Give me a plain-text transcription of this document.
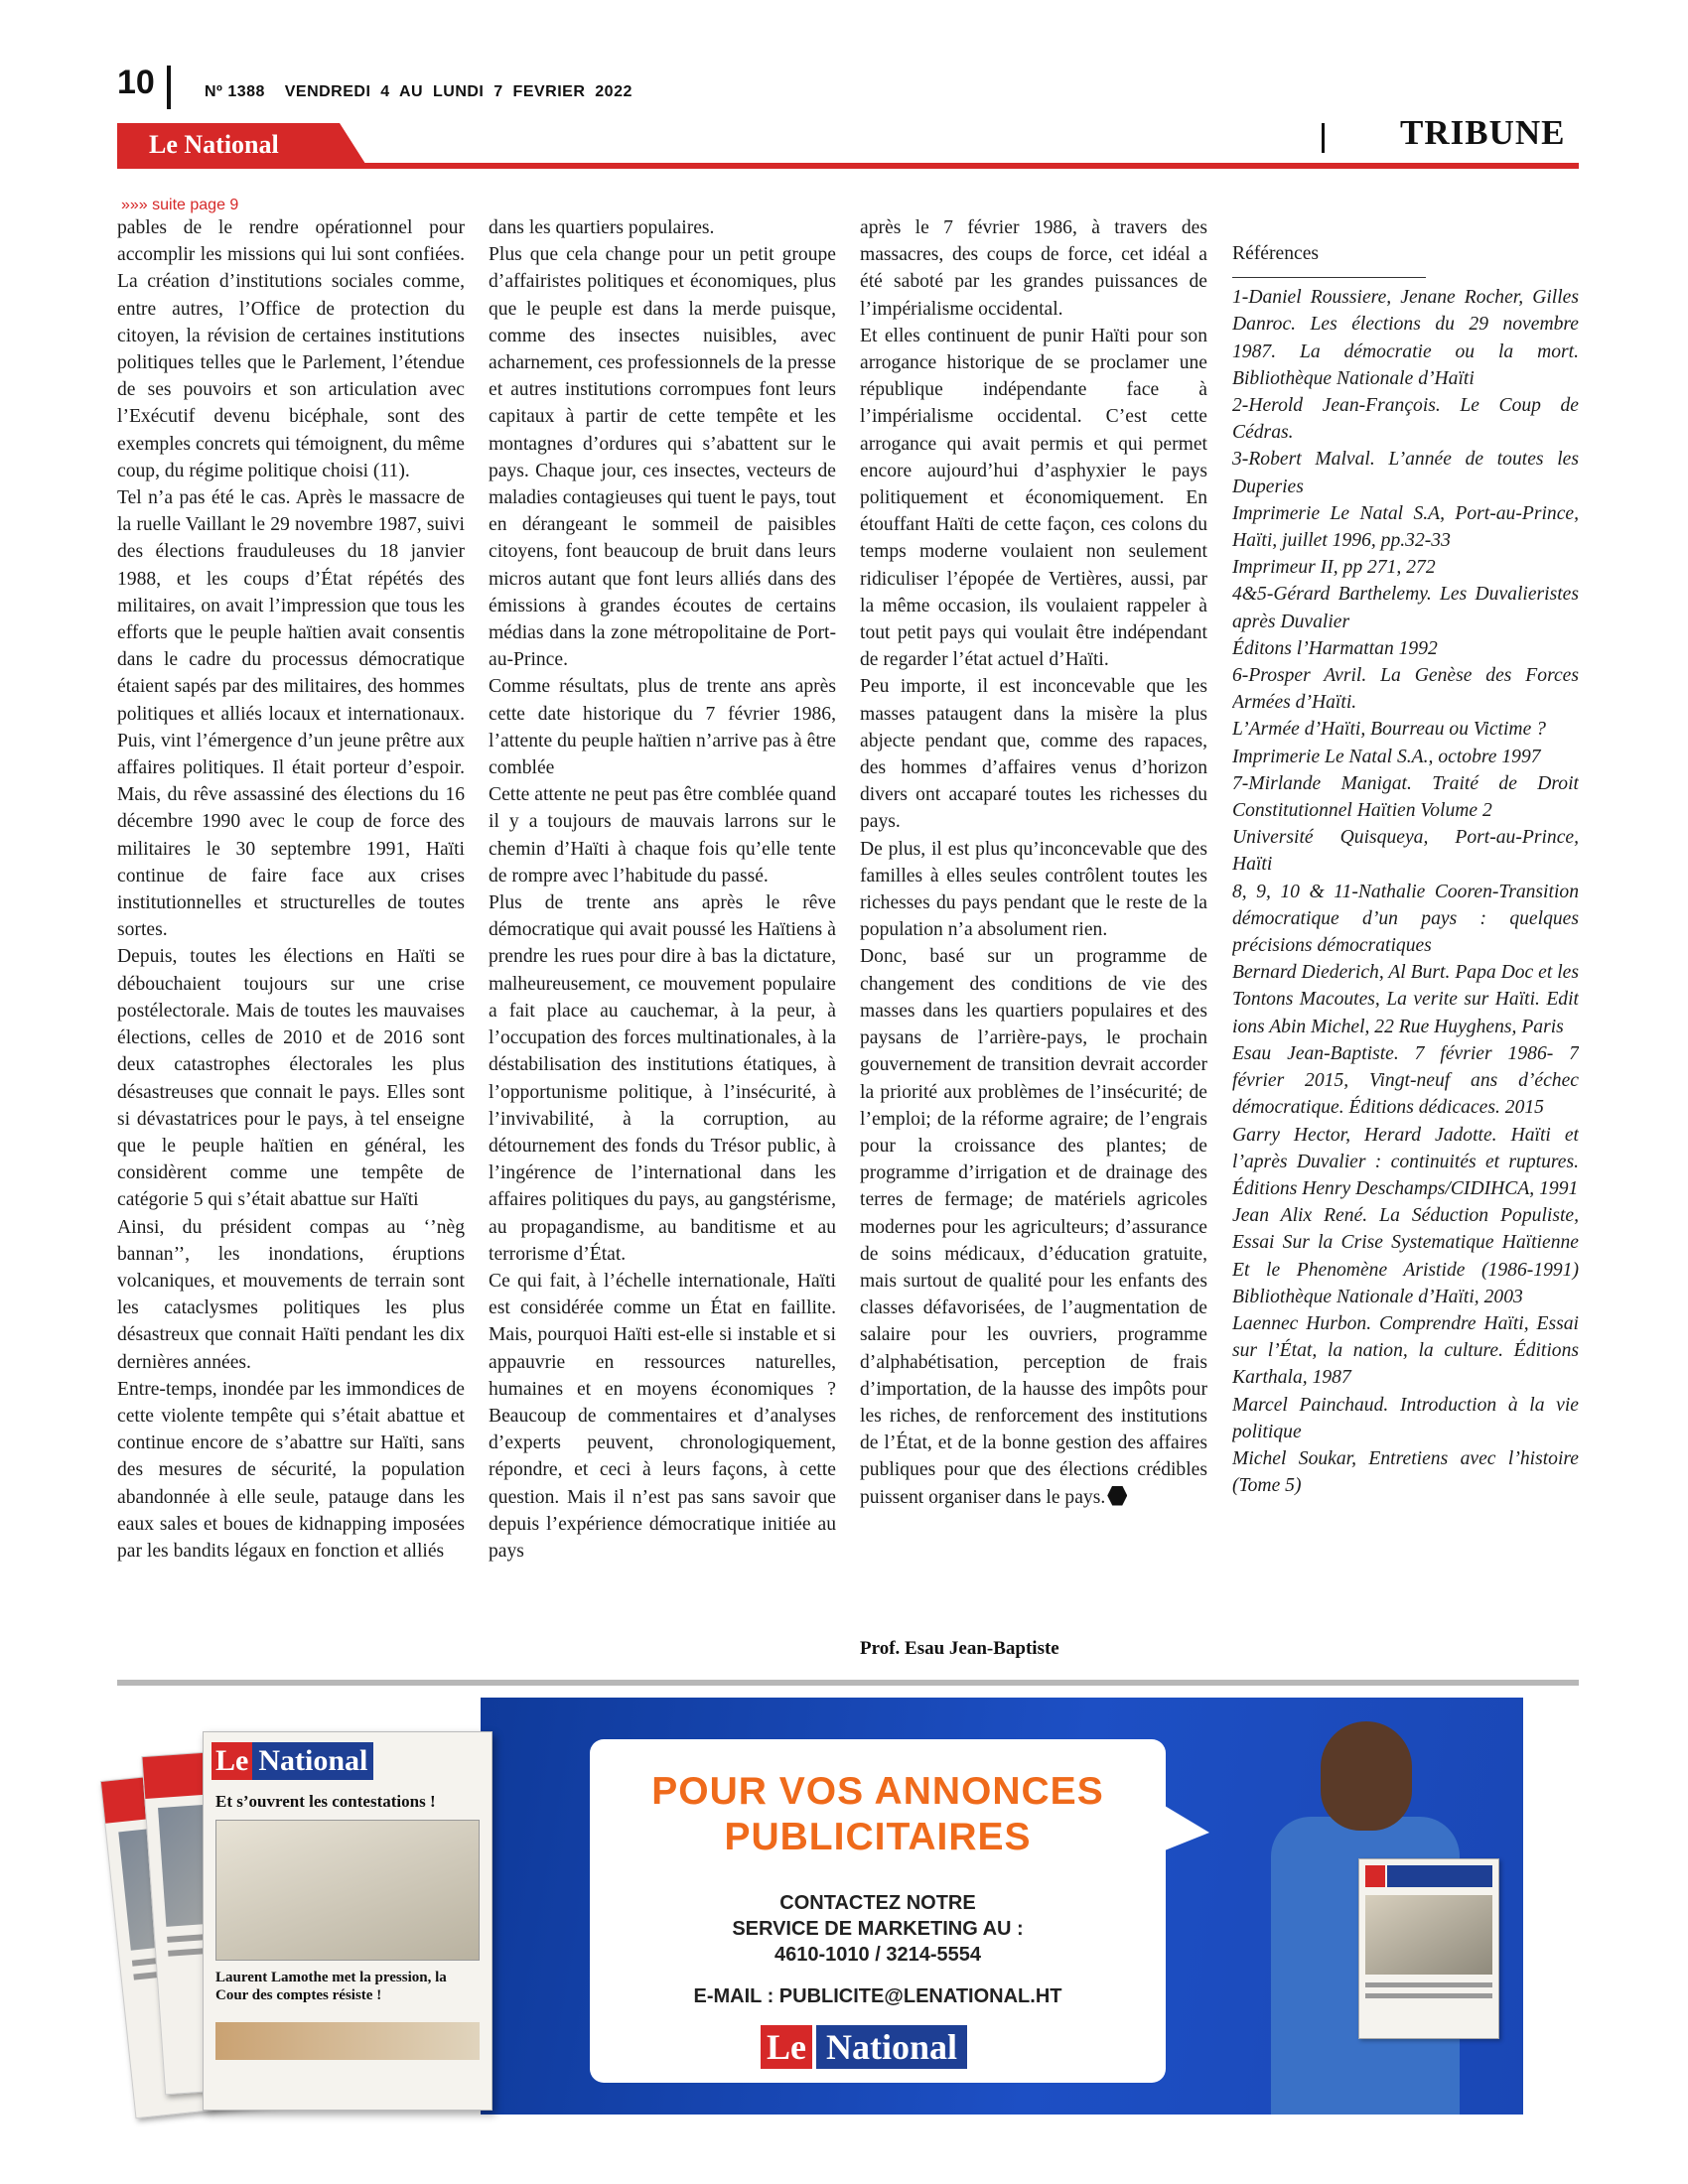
10	Nº 1388    VENDREDI  4  AU  LUNDI  7  FEVRIER  2022
Le National	TRIBUNE
»»» suite page 9

pables de le rendre opérationnel pour accomplir les missions qui lui sont confiées. La création d’institutions sociales comme, entre autres, l’Office de protection du citoyen, la révision de certaines institutions politiques telles que le Parlement, l’étendue de ses pouvoirs et son articulation avec l’Exécutif devenu bicéphale, sont des exemples concrets qui témoignent, du même coup, du régime politique choisi (11).

Tel n’a pas été le cas. Après le massacre de la ruelle Vaillant le 29 novembre 1987, suivi des élections frauduleuses du 18 janvier 1988, et les coups d’État répétés des militaires, on avait l’impression que tous les efforts que le peuple haïtien avait consentis dans le cadre du processus démocratique étaient sapés par des militaires, des hommes politiques et alliés locaux et internationaux. Puis, vint l’émergence d’un jeune prêtre aux affaires politiques. Il était porteur d’espoir. Mais, du rêve assassiné des élections du 16 décembre 1990 avec le coup de force des militaires le 30 septembre 1991, Haïti continue de faire face aux crises institutionnelles et structurelles de toutes sortes.

Depuis, toutes les élections en Haïti se débouchaient toujours sur une crise postélectorale. Mais de toutes les mauvaises élections, celles de 2010 et de 2016 sont deux catastrophes électorales les plus désastreuses que connait le pays. Elles sont si dévastatrices pour le pays, à tel enseigne que le peuple haïtien en général, les considèrent comme une tempête de catégorie 5 qui s’était abattue sur Haïti

Ainsi, du président compas au ‘’nèg bannan’’, les inondations, éruptions volcaniques, et mouvements de terrain sont les cataclysmes politiques les plus désastreux que connait Haïti pendant les dix dernières années.

Entre-temps, inondée par les immondices de cette violente tempête qui s’était abattue et continue encore de s’abattre sur Haïti, sans des mesures de sécurité, la population abandonnée à elle seule, patauge dans les eaux sales et boues de kidnapping imposées par les bandits légaux en fonction et alliés

dans les quartiers populaires.

Plus que cela change pour un petit groupe d’affairistes politiques et économiques, plus que le peuple est dans la merde puisque, comme des insectes nuisibles, avec acharnement, ces professionnels de la presse et autres institutions corrompues font leurs capitaux à partir de cette tempête et les montagnes d’ordures qui s’abattent sur le pays. Chaque jour, ces insectes, vecteurs de maladies contagieuses qui tuent le pays, tout en dérangeant le sommeil de paisibles citoyens, font beaucoup de bruit dans leurs micros autant que font leurs alliés dans des émissions à grandes écoutes de certains médias dans la zone métropolitaine de Port-au-Prince.

Comme résultats, plus de trente ans après cette date historique du 7 février 1986, l’attente du peuple haïtien n’arrive pas à être comblée

Cette attente ne peut pas être comblée quand il y a toujours de mauvais larrons sur le chemin d’Haïti à chaque fois qu’elle tente de rompre avec l’habitude du passé.

Plus de trente ans après le rêve démocratique qui avait poussé les Haïtiens à prendre les rues pour dire à bas la dictature, malheureusement, ce mouvement populaire a fait place au cauchemar, à la peur, à l’occupation des forces multinationales, à la déstabilisation des institutions étatiques, à l’opportunisme politique, à l’insécurité, à l’invivabilité, à la corruption, au détournement des fonds du Trésor public, à l’ingérence de l’international dans les affaires politiques du pays, au gangstérisme, au propagandisme, au banditisme et au terrorisme d’État.

Ce qui fait, à l’échelle internationale, Haïti est considérée comme un État en faillite. Mais, pourquoi Haïti est-elle si instable et si appauvrie en ressources naturelles, humaines et en moyens économiques ? Beaucoup de commentaires et d’analyses d’experts peuvent, chronologiquement, répondre, et ceci à leurs façons, à cette question. Mais il n’est pas sans savoir que depuis l’expérience démocratique initiée au pays

après le 7 février 1986, à travers des massacres, des coups de force, cet idéal a été saboté par les grandes puissances de l’impérialisme occidental.

Et elles continuent de punir Haïti pour son arrogance historique de se proclamer une république indépendante face à l’impérialisme occidental. C’est cette arrogance qui avait permis et qui permet encore aujourd’hui d’asphyxier le pays politiquement et économiquement. En étouffant Haïti de cette façon, ces colons du temps moderne voulaient non seulement ridiculiser l’épopée de Vertières, aussi, par la même occasion, ils voulaient rappeler à tout petit pays qui voulait être indépendant de regarder l’état actuel d’Haïti.

Peu importe, il est inconcevable que les masses pataugent dans la misère la plus abjecte pendant que, comme des rapaces, des hommes d’affaires venus d’horizon divers ont accaparé toutes les richesses du pays.

De plus, il est plus qu’inconcevable que des familles à elles seules contrôlent toutes les richesses du pays pendant que le reste de la population n’a absolument rien.

Donc, basé sur un programme de changement des conditions de vie des masses dans les quartiers populaires et des paysans de l’arrière-pays, le prochain gouvernement de transition devrait accorder la priorité aux problèmes de l’insécurité; de l’emploi; de la réforme agraire; de l’engrais pour la croissance des plantes; de programme d’irrigation et de drainage des terres de fermage; de matériels agricoles modernes pour les agriculteurs; d’assurance de soins médicaux, d’éducation gratuite, mais surtout de qualité pour les enfants des classes défavorisées, de l’augmentation de salaire pour les ouvriers, programme d’alphabétisation, perception de frais d’importation, de la hausse des impôts pour les riches, de renforcement des institutions de l’État, et de la bonne gestion des affaires publiques pour que des élections crédibles puissent organiser dans le pays.

Prof. Esau Jean-Baptiste

Références

1-Daniel Roussiere, Jenane Rocher, Gilles Danroc. Les élections du 29 novembre 1987. La démocratie ou la mort. Bibliothèque Nationale d’Haïti

2-Herold Jean-François. Le Coup de Cédras.

3-Robert Malval. L’année de toutes les Duperies

Imprimerie Le Natal S.A, Port-au-Prince, Haïti, juillet 1996, pp.32-33

Imprimeur II, pp 271, 272

4&5-Gérard Barthelemy. Les Duvalieristes après Duvalier

Éditons l’Harmattan 1992

6-Prosper Avril. La Genèse des Forces Armées d’Haïti.

L’Armée d’Haïti, Bourreau ou Victime ?

Imprimerie Le Natal S.A., octobre 1997

7-Mirlande Manigat. Traité de Droit Constitutionnel Haïtien Volume 2

Université Quisqueya, Port-au-Prince, Haïti

8, 9, 10 & 11-Nathalie Cooren-Transition démocratique d’un pays : quelques précisions démocratiques

Bernard Diederich, Al Burt. Papa Doc et les Tontons Macoutes, La verite sur Haïti. Edit ions Abin Michel, 22 Rue Huyghens, Paris

Esau Jean-Baptiste. 7 février 1986- 7 février 2015, Vingt-neuf ans d’échec démocratique. Éditions dédicaces. 2015

Garry Hector, Herard Jadotte. Haïti et l’après Duvalier : continuités et ruptures. Éditions Henry Deschamps/CIDIHCA, 1991

Jean Alix René. La Séduction Populiste, Essai Sur la Crise Systematique Haïtienne Et le Phenomène Aristide (1986-1991) Bibliothèque Nationale d’Haïti, 2003

Laennec Hurbon. Comprendre Haïti, Essai sur l’État, la nation, la culture. Éditions Karthala, 1987

Marcel Painchaud. Introduction à la vie politique

Michel Soukar, Entretiens avec l’histoire (Tome 5)

Le National
Et s’ouvrent les contestations !
Laurent Lamothe met la pression, la Cour des comptes résiste !
POUR VOS ANNONCES
PUBLICITAIRES
CONTACTEZ NOTRE
SERVICE DE MARKETING AU :
4610-1010 / 3214-5554
E-MAIL : PUBLICITE@LENATIONAL.HT
Le National
